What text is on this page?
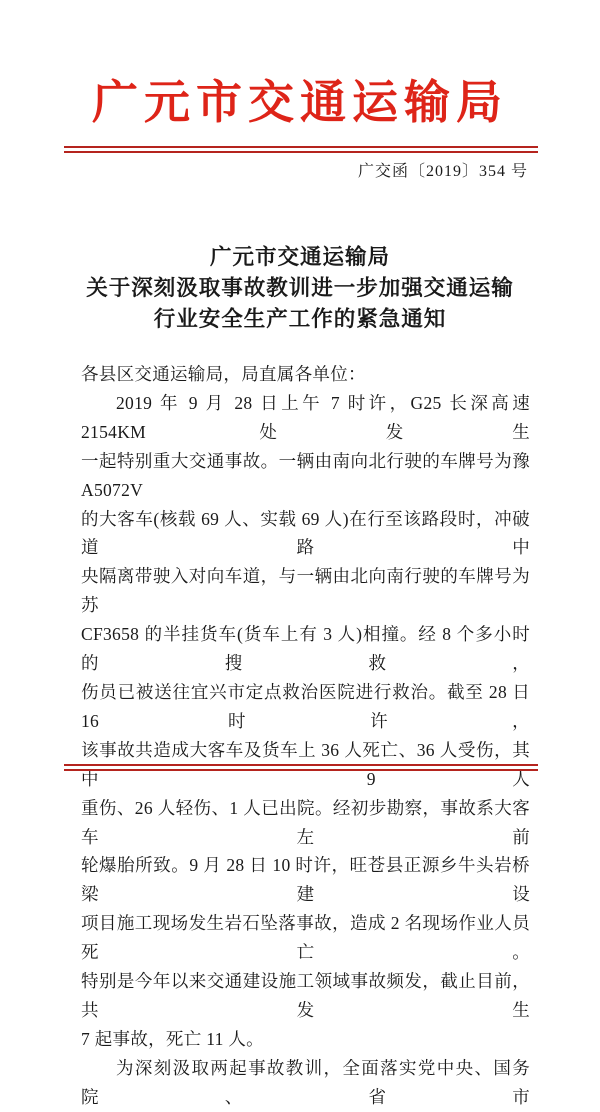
广元市交通运输局
广交函〔2019〕354 号
广元市交通运输局
关于深刻汲取事故教训进一步加强交通运输
行业安全生产工作的紧急通知
各县区交通运输局，局直属各单位：
2019 年 9 月 28 日上午 7 时许，G25 长深高速 2154KM 处发生
一起特别重大交通事故。一辆由南向北行驶的车牌号为豫A5072V
的大客车(核载 69 人、实载 69 人)在行至该路段时，冲破道路中
央隔离带驶入对向车道，与一辆由北向南行驶的车牌号为苏
CF3658 的半挂货车(货车上有 3 人)相撞。经 8 个多小时的搜救，
伤员已被送往宜兴市定点救治医院进行救治。截至 28 日 16 时许，
该事故共造成大客车及货车上 36 人死亡、36 人受伤，其中 9 人
重伤、26 人轻伤、1 人已出院。经初步勘察，事故系大客车左前
轮爆胎所致。9 月 28 日 10 时许，旺苍县正源乡牛头岩桥梁建设
项目施工现场发生岩石坠落事故，造成 2 名现场作业人员死亡。
特别是今年以来交通建设施工领域事故频发，截止目前，共发生
7 起事故，死亡 11 人。
为深刻汲取两起事故教训，全面落实党中央、国务院、省市
